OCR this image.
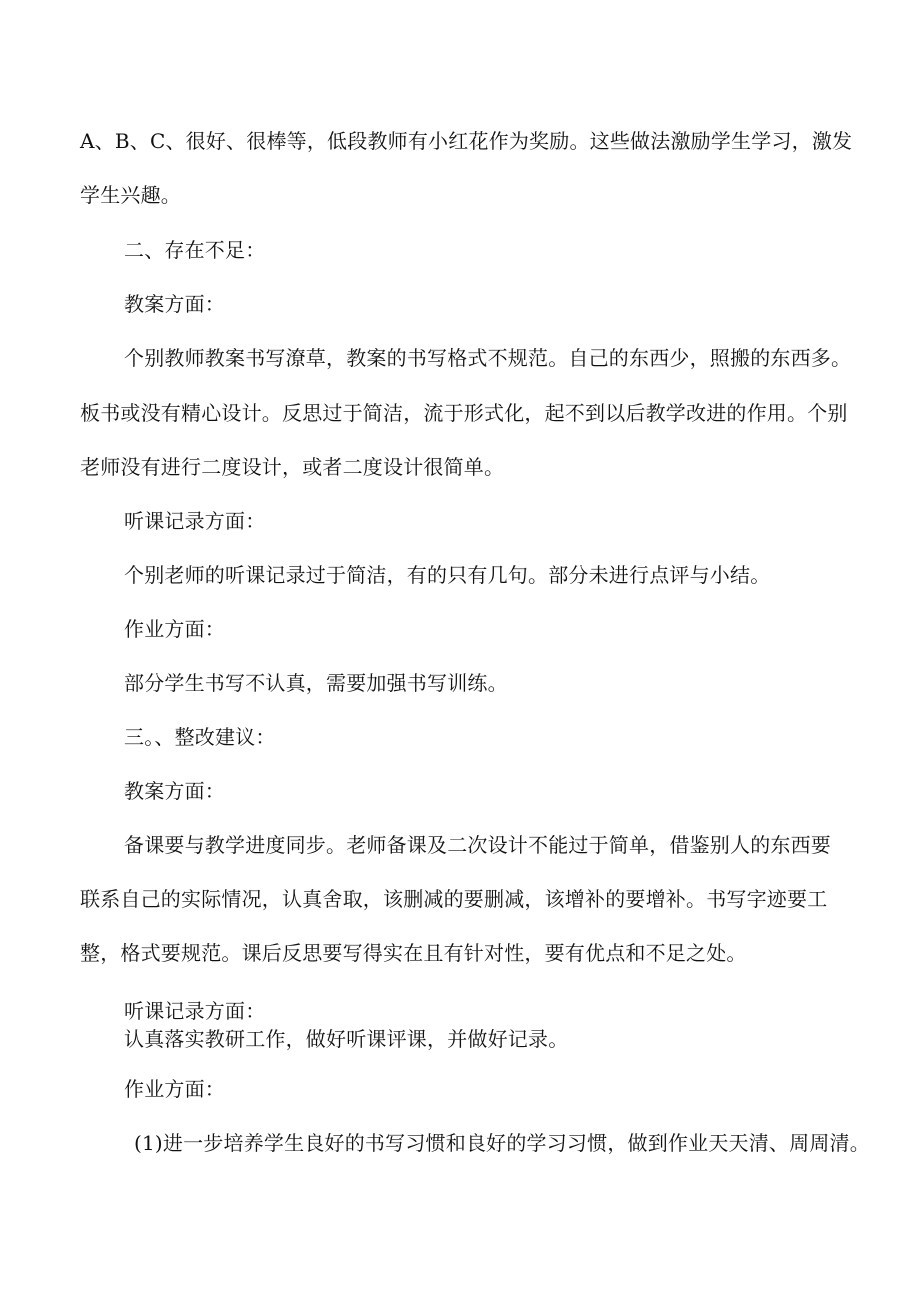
A、B、C、很好、很棒等，低段教师有小红花作为奖励。这些做法激励学生学习，激发
学生兴趣。
二、存在不足：
教案方面：
个别教师教案书写潦草，教案的书写格式不规范。自己的东西少，照搬的东西多。
板书或没有精心设计。反思过于简洁，流于形式化，起不到以后教学改进的作用。个别
老师没有进行二度设计，或者二度设计很简单。
听课记录方面：
个别老师的听课记录过于简洁，有的只有几句。部分未进行点评与小结。
作业方面：
部分学生书写不认真，需要加强书写训练。
三。、整改建议：
教案方面：
备课要与教学进度同步。老师备课及二次设计不能过于简单，借鉴别人的东西要
联系自己的实际情况，认真舍取，该删减的要删减，该增补的要增补。书写字迹要工
整，格式要规范。课后反思要写得实在且有针对性，要有优点和不足之处。
听课记录方面：
认真落实教研工作，做好听课评课，并做好记录。
作业方面：
(1)进一步培养学生良好的书写习惯和良好的学习习惯，做到作业天天清、周周清。
